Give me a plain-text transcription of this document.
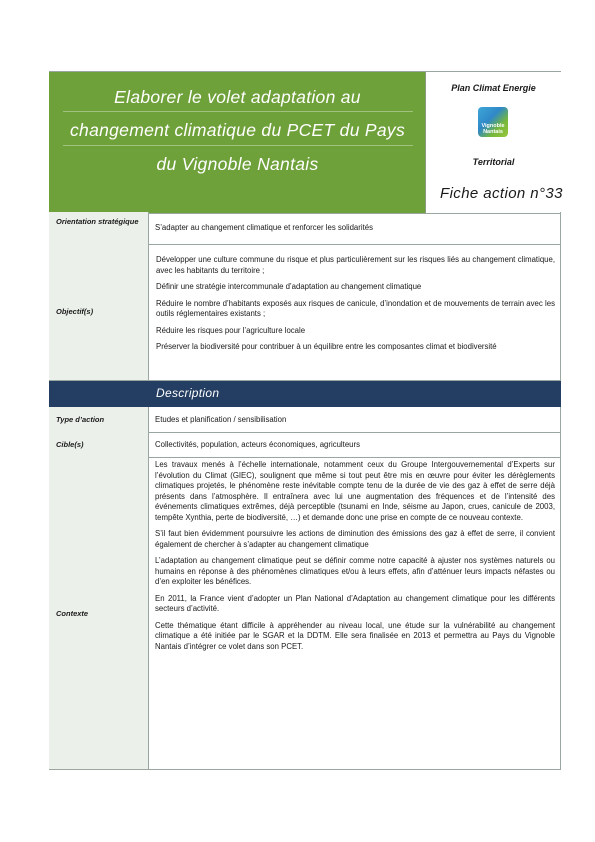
Elaborer le volet adaptation au
changement climatique du PCET du Pays
du Vignoble Nantais
Plan Climat Energie
Vignoble Nantais
Territorial
Fiche action n°33
Orientation stratégique
S’adapter au changement climatique et renforcer les solidarités
Objectif(s)

Développer une culture commune du risque et plus particulièrement sur les risques liés au changement climatique, avec les habitants du territoire ;

Définir une stratégie intercommunale d’adaptation au changement climatique

Réduire le nombre d’habitants exposés aux risques de canicule, d’inondation et de mouvements de terrain avec les outils réglementaires existants ;

Réduire les risques pour l’agriculture locale

Préserver la biodiversité pour contribuer à un équilibre entre les composantes climat et biodiversité

Description
Type d’action	Etudes et planification / sensibilisation
Cible(s)	Collectivités, population, acteurs économiques, agriculteurs
Contexte

Les travaux menés à l’échelle internationale, notamment ceux du Groupe Intergouvernemental d’Experts sur l’évolution du Climat (GIEC), soulignent que même si tout peut être mis en œuvre pour éviter les dérèglements climatiques projetés, le phénomène reste inévitable compte tenu de la durée de vie des gaz à effet de serre déjà présents dans l’atmosphère. Il entraînera avec lui une augmentation des fréquences et de l’intensité des événements climatiques extrêmes, déjà perceptible (tsunami en Inde, séisme au Japon, crues, canicule de 2003, tempête Xynthia, perte de biodiversité, …) et demande donc une prise en compte de ce nouveau contexte.

S’il faut bien évidemment poursuivre les actions de diminution des émissions des gaz à effet de serre, il convient également de chercher à s’adapter au changement climatique

L’adaptation au changement climatique peut se définir comme notre capacité à ajuster nos systèmes naturels ou humains en réponse à des phénomènes climatiques et/ou à leurs effets, afin d’atténuer leurs impacts néfastes ou d’en exploiter les bénéfices.

En 2011, la France vient d’adopter un Plan National d’Adaptation au changement climatique pour les différents secteurs d’activité.

Cette thématique étant difficile à appréhender au niveau local, une étude sur la vulnérabilité au changement climatique a été initiée par le SGAR et la DDTM. Elle sera finalisée en 2013 et permettra au Pays du Vignoble Nantais d’intégrer ce volet dans son PCET.
